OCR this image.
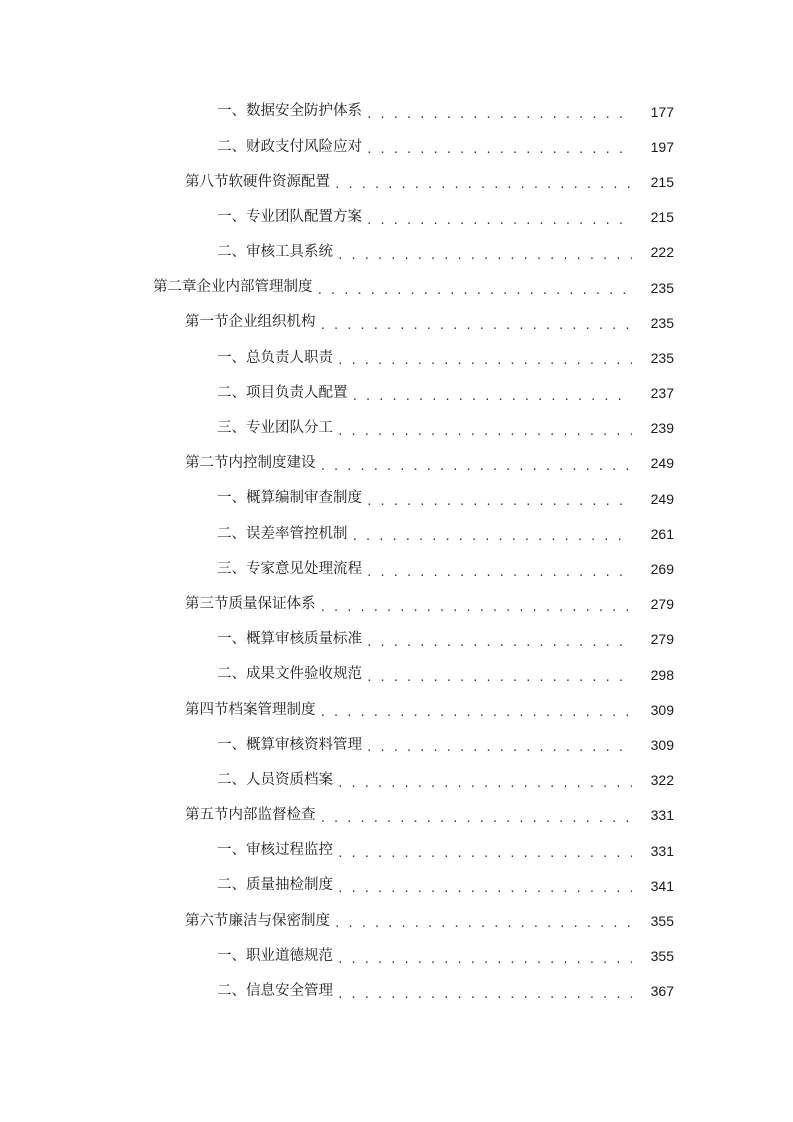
一、 数据安全防护体系 . . .	177
二、 财政支付风险应对 . . .	197
第八节 软硬件资源配置 . . .	215
一、 专业团队配置方案 . . .	215
二、 审核工具系统 . . .	222
第二章 企业内部管理制度 . . .	235
第一节 企业组织机构 . . .	235
一、 总负责人职责 . . .	235
二、 项目负责人配置 . . .	237
三、 专业团队分工 . . .	239
第二节 内控制度建设 . . .	249
一、 概算编制审查制度 . . .	249
二、 误差率管控机制 . . .	261
三、 专家意见处理流程 . . .	269
第三节 质量保证体系 . . .	279
一、 概算审核质量标准 . . .	279
二、 成果文件验收规范 . . .	298
第四节 档案管理制度 . . .	309
一、 概算审核资料管理 . . .	309
二、 人员资质档案 . . .	322
第五节 内部监督检查 . . .	331
一、 审核过程监控 . . .	331
二、 质量抽检制度 . . .	341
第六节 廉洁与保密制度 . . .	355
一、 职业道德规范 . . .	355
二、 信息安全管理 . . .	367
